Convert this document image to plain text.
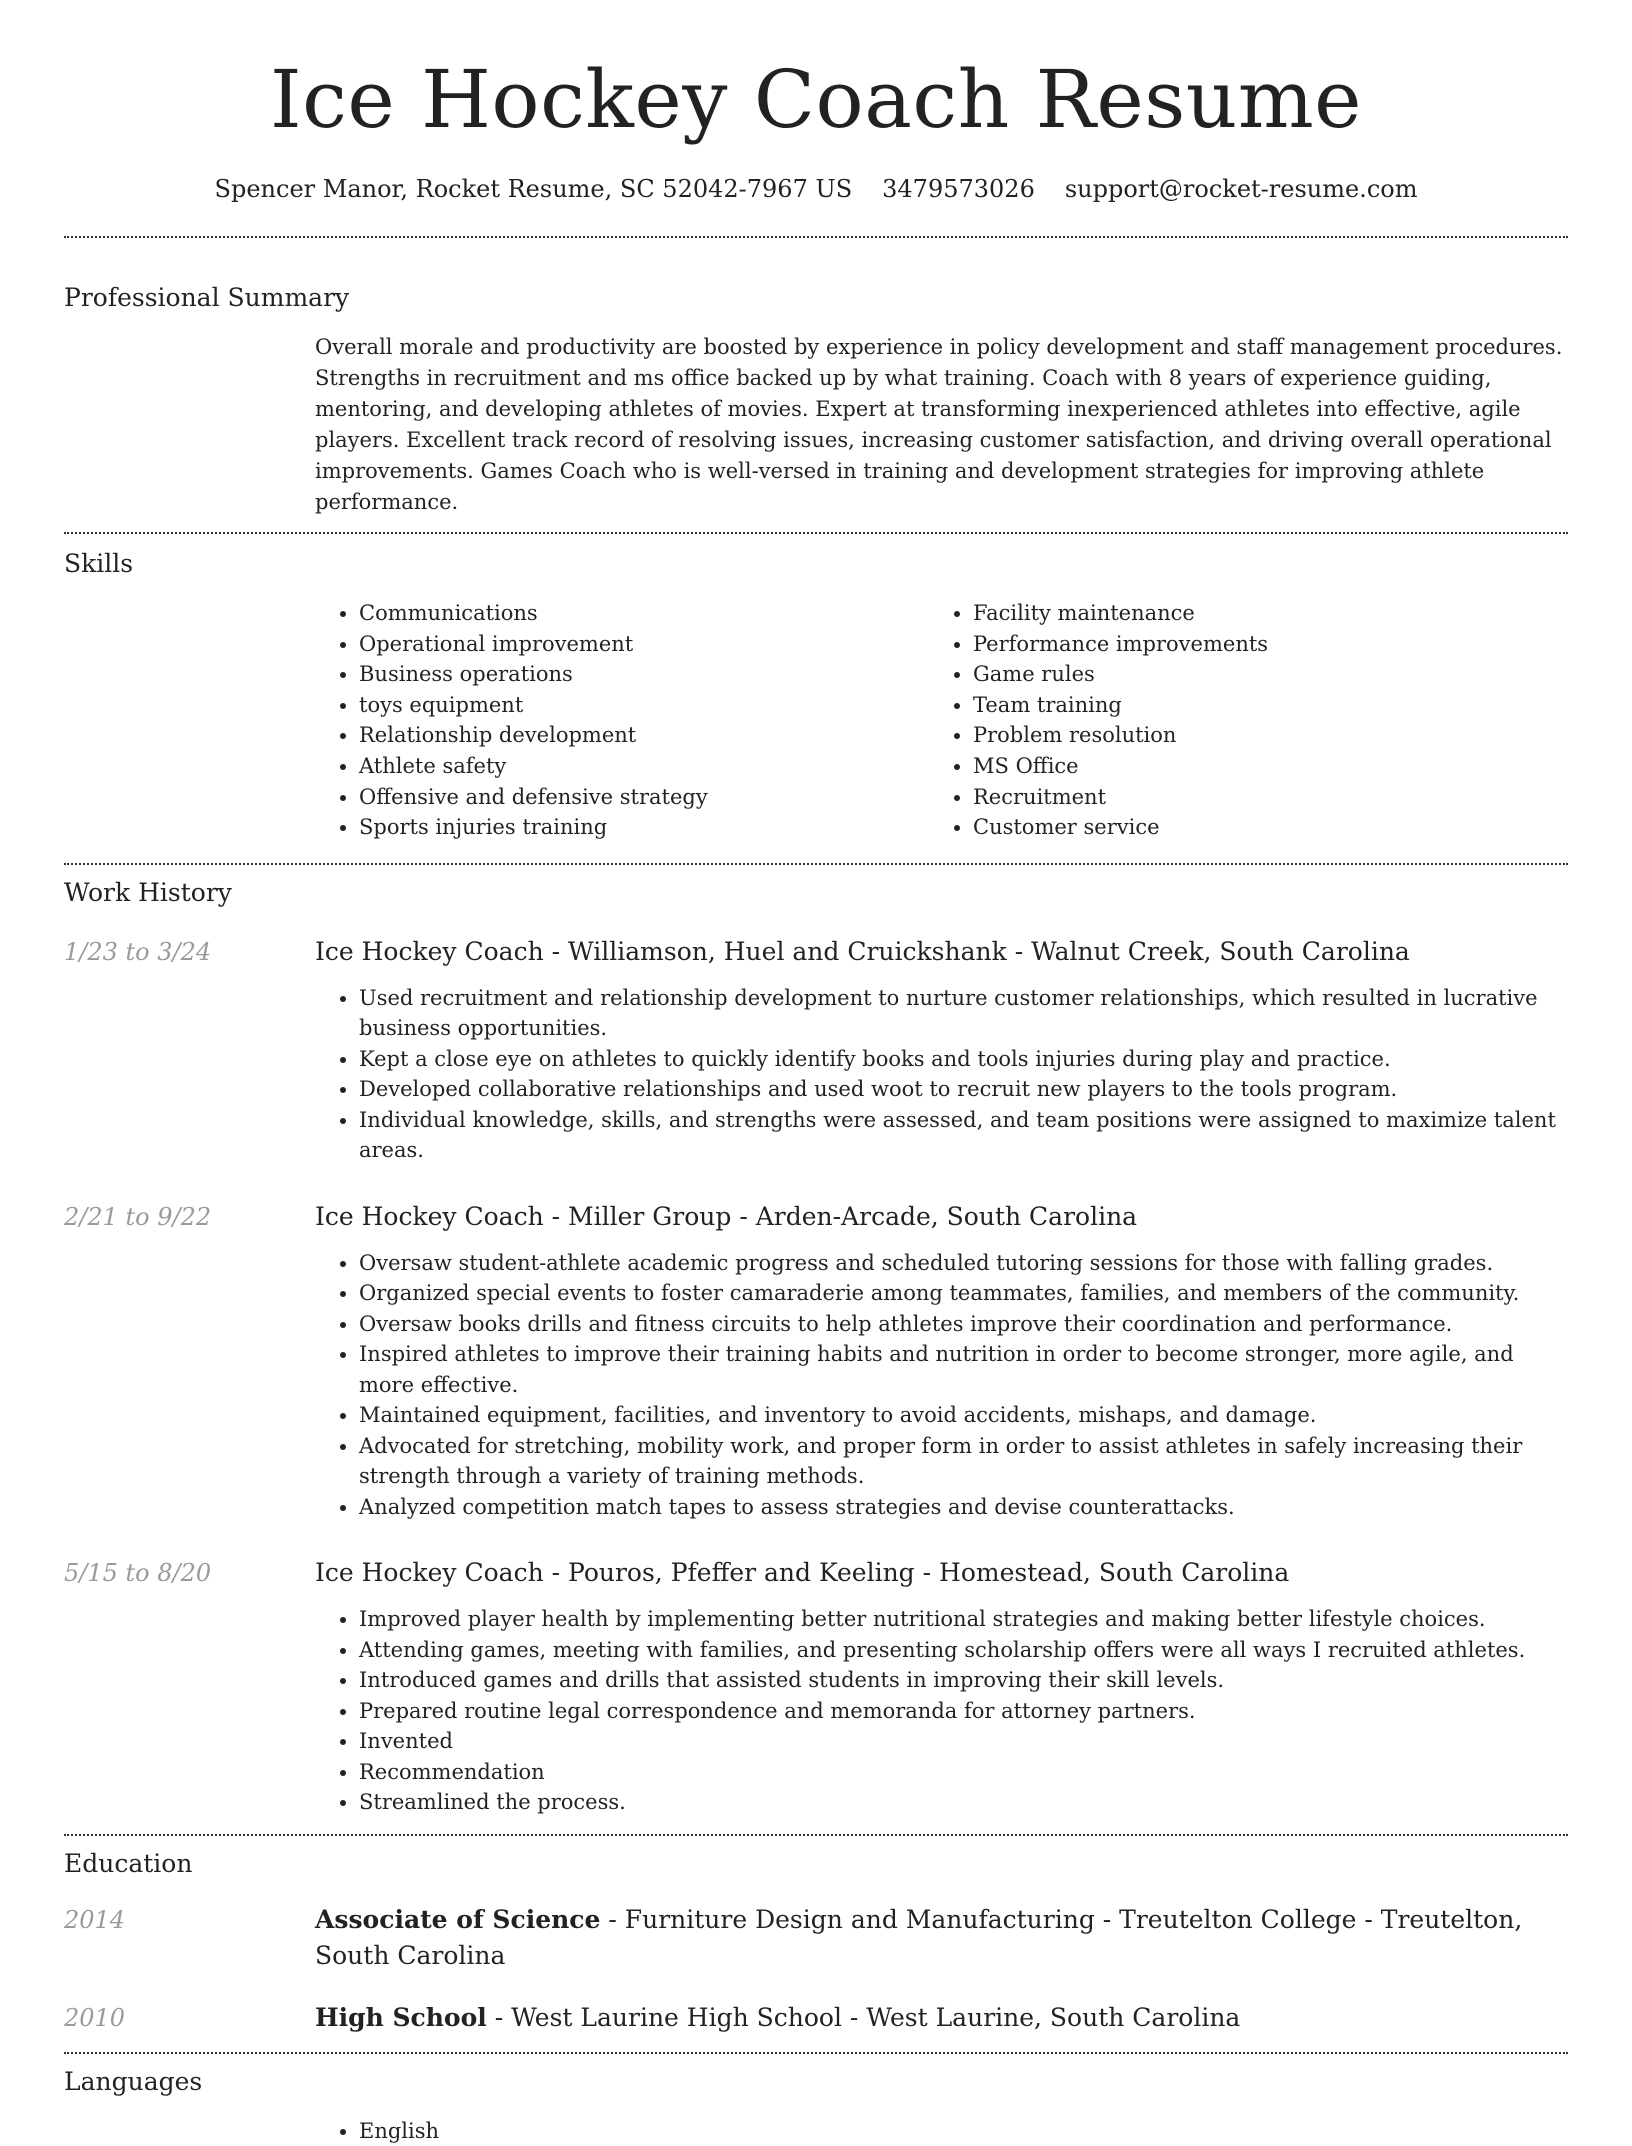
Ice Hockey Coach Resume
Spencer Manor, Rocket Resume, SC 52042-7967 US 3479573026 support@rocket-resume.com
Professional Summary

Overall morale and productivity are boosted by experience in policy development and staff management procedures. Strengths in recruitment and ms office backed up by what training. Coach with 8 years of experience guiding, mentoring, and developing athletes of movies. Expert at transforming inexperienced athletes into effective, agile players. Excellent track record of resolving issues, increasing customer satisfaction, and driving overall operational improvements. Games Coach who is well-versed in training and development strategies for improving athlete performance.

Skills
• Communications
• Operational improvement
• Business operations
• toys equipment
• Relationship development
• Athlete safety
• Offensive and defensive strategy
• Sports injuries training
• Facility maintenance
• Performance improvements
• Game rules
• Team training
• Problem resolution
• MS Office
• Recruitment
• Customer service
Work History
1/23 to 3/24	Ice Hockey Coach - Williamson, Huel and Cruickshank - Walnut Creek, South Carolina
• Used recruitment and relationship development to nurture customer relationships, which resulted in lucrative business opportunities.
• Kept a close eye on athletes to quickly identify books and tools injuries during play and practice.
• Developed collaborative relationships and used woot to recruit new players to the tools program.
• Individual knowledge, skills, and strengths were assessed, and team positions were assigned to maximize talent areas.
2/21 to 9/22	Ice Hockey Coach - Miller Group - Arden-Arcade, South Carolina
• Oversaw student-athlete academic progress and scheduled tutoring sessions for those with falling grades.
• Organized special events to foster camaraderie among teammates, families, and members of the community.
• Oversaw books drills and fitness circuits to help athletes improve their coordination and performance.
• Inspired athletes to improve their training habits and nutrition in order to become stronger, more agile, and more effective.
• Maintained equipment, facilities, and inventory to avoid accidents, mishaps, and damage.
• Advocated for stretching, mobility work, and proper form in order to assist athletes in safely increasing their strength through a variety of training methods.
• Analyzed competition match tapes to assess strategies and devise counterattacks.
5/15 to 8/20	Ice Hockey Coach - Pouros, Pfeffer and Keeling - Homestead, South Carolina
• Improved player health by implementing better nutritional strategies and making better lifestyle choices.
• Attending games, meeting with families, and presenting scholarship offers were all ways I recruited athletes.
• Introduced games and drills that assisted students in improving their skill levels.
• Prepared routine legal correspondence and memoranda for attorney partners.
• Invented
• Recommendation
• Streamlined the process.
Education
2014	Associate of Science - Furniture Design and Manufacturing - Treutelton College - Treutelton, South Carolina
2010	High School - West Laurine High School - West Laurine, South Carolina
Languages
• English
